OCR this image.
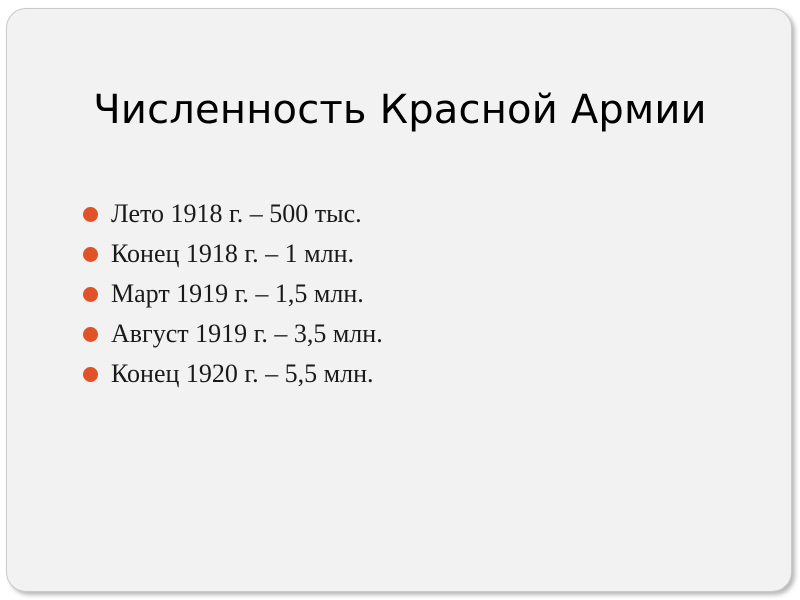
Численность Красной Армии
Лето 1918 г. – 500 тыс.
Конец 1918 г. – 1 млн.
Март 1919 г. – 1,5 млн.
Август 1919 г. – 3,5 млн.
Конец 1920 г. – 5,5 млн.
